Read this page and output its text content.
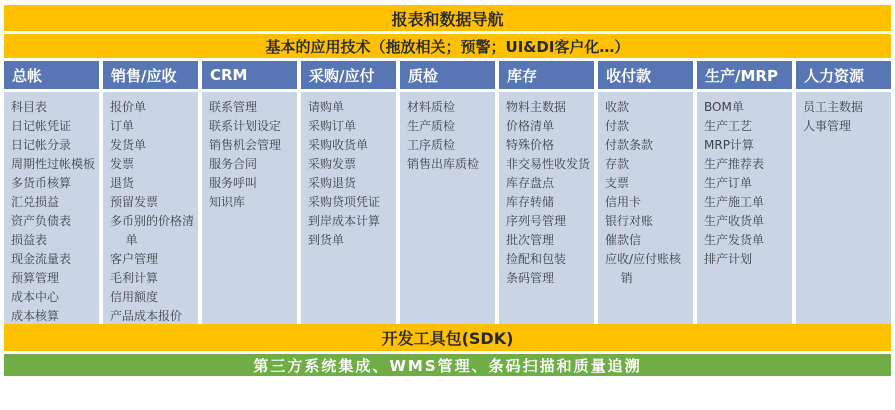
报表和数据导航
基本的应用技术（拖放相关；预警；UI&DI客户化…）
总帐
科目表
日记帐凭证
日记帐分录
周期性过帐模板
多货币核算
汇兑损益
资产负债表
损益表
现金流量表
预算管理
成本中心
成本核算
销售/应收
报价单
订单
发货单
发票
退货
预留发票
多币别的价格清单
客户管理
毛利计算
信用额度
产品成本报价
CRM
联系管理
联系计划设定
销售机会管理
服务合同
服务呼叫
知识库
采购/应付
请购单
采购订单
采购收货单
采购发票
采购退货
采购贷项凭证
到岸成本计算
到货单
质检
材料质检
生产质检
工序质检
销售出库质检
库存
物料主数据
价格清单
特殊价格
非交易性收发货
库存盘点
库存转储
序列号管理
批次管理
捡配和包装
条码管理
收付款
收款
付款
付款条款
存款
支票
信用卡
银行对账
催款信
应收/应付账核销
生产/MRP
BOM单
生产工艺
MRP计算
生产推荐表
生产订单
生产施工单
生产收货单
生产发货单
排产计划
人力资源
员工主数据
人事管理
开发工具包(SDK)
第三方系统集成、WMS管理、条码扫描和质量追溯
